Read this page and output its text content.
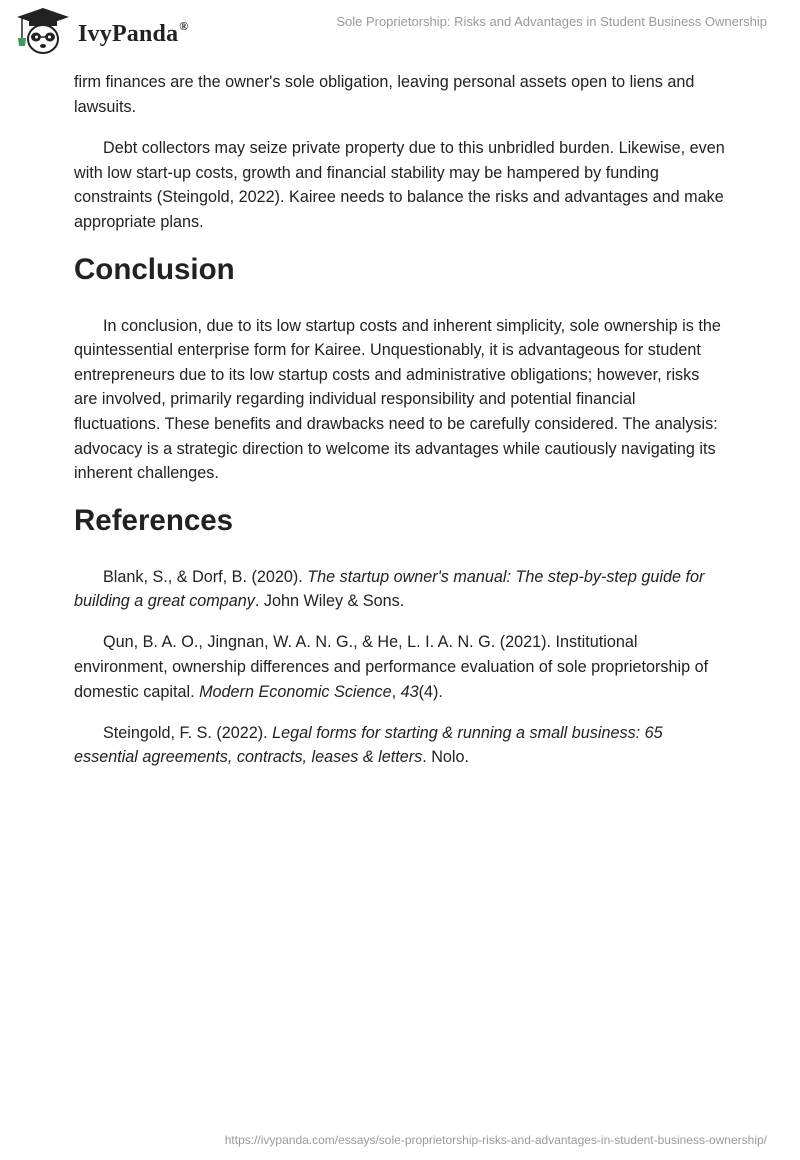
IvyPanda®	Sole Proprietorship: Risks and Advantages in Student Business Ownership

firm finances are the owner's sole obligation, leaving personal assets open to liens and lawsuits.

Debt collectors may seize private property due to this unbridled burden. Likewise, even with low start-up costs, growth and financial stability may be hampered by funding constraints (Steingold, 2022). Kairee needs to balance the risks and advantages and make appropriate plans.

Conclusion

In conclusion, due to its low startup costs and inherent simplicity, sole ownership is the quintessential enterprise form for Kairee. Unquestionably, it is advantageous for student entrepreneurs due to its low startup costs and administrative obligations; however, risks are involved, primarily regarding individual responsibility and potential financial fluctuations. These benefits and drawbacks need to be carefully considered. The analysis: advocacy is a strategic direction to welcome its advantages while cautiously navigating its inherent challenges.

References

Blank, S., & Dorf, B. (2020). The startup owner's manual: The step-by-step guide for building a great company. John Wiley & Sons.

Qun, B. A. O., Jingnan, W. A. N. G., & He, L. I. A. N. G. (2021). Institutional environment, ownership differences and performance evaluation of sole proprietorship of domestic capital. Modern Economic Science, 43(4).

Steingold, F. S. (2022). Legal forms for starting & running a small business: 65 essential agreements, contracts, leases & letters. Nolo.

https://ivypanda.com/essays/sole-proprietorship-risks-and-advantages-in-student-business-ownership/
